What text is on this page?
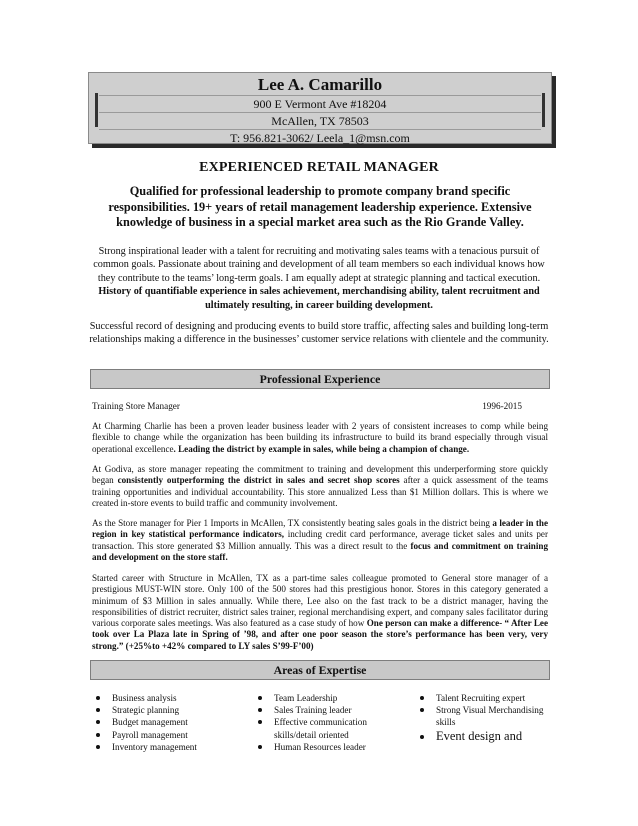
Lee A. Camarillo
900 E Vermont Ave #18204
McAllen, TX 78503
T: 956.821-3062/ Leela_1@msn.com
EXPERIENCED RETAIL MANAGER
Qualified for professional leadership to promote company brand specific responsibilities. 19+ years of retail management leadership experience. Extensive knowledge of business in a special market area such as the Rio Grande Valley.
Strong inspirational leader with a talent for recruiting and motivating sales teams with a tenacious pursuit of common goals. Passionate about training and development of all team members so each individual knows how they contribute to the teams’ long-term goals. I am equally adept at strategic planning and tactical execution. History of quantifiable experience in sales achievement, merchandising ability, talent recruitment and ultimately resulting, in career building development.
Successful record of designing and producing events to build store traffic, affecting sales and building long-term relationships making a difference in the businesses’ customer service relations with clientele and the community.
Professional Experience
Training Store Manager	1996-2015
At Charming Charlie has been a proven leader business leader with 2 years of consistent increases to comp while being flexible to change while the organization has been building its infrastructure to build its brand especially through visual operational excellence. Leading the district by example in sales, while being a champion of change.
At Godiva, as store manager repeating the commitment to training and development this underperforming store quickly began consistently outperforming the district in sales and secret shop scores after a quick assessment of the teams training opportunities and individual accountability. This store annualized Less than $1 Million dollars. This is where we created in-store events to build traffic and community involvement.
As the Store manager for Pier 1 Imports in McAllen, TX consistently beating sales goals in the district being a leader in the region in key statistical performance indicators, including credit card performance, average ticket sales and units per transaction. This store generated $3 Million annually. This was a direct result to the focus and commitment on training and development on the store staff.
Started career with Structure in McAllen, TX as a part-time sales colleague promoted to General store manager of a prestigious MUST-WIN store. Only 100 of the 500 stores had this prestigious honor. Stores in this category generated a minimum of $3 Million in sales annually. While there, Lee also on the fast track to be a district manager, having the responsibilities of district recruiter, district sales trainer, regional merchandising expert, and company sales facilitator during various corporate sales meetings. Was also featured as a case study of how One person can make a difference- “ After Lee took over La Plaza late in Spring of ’98, and after one poor season the store’s performance has been very, very strong.” (+25%to +42% compared to LY sales S’99-F’00)
Areas of Expertise
Business analysis
Strategic planning
Budget management
Payroll management
Inventory management
Team Leadership
Sales Training leader
Effective communication skills/detail oriented
Human Resources leader
Talent Recruiting expert
Strong Visual Merchandising skills
Event design and
